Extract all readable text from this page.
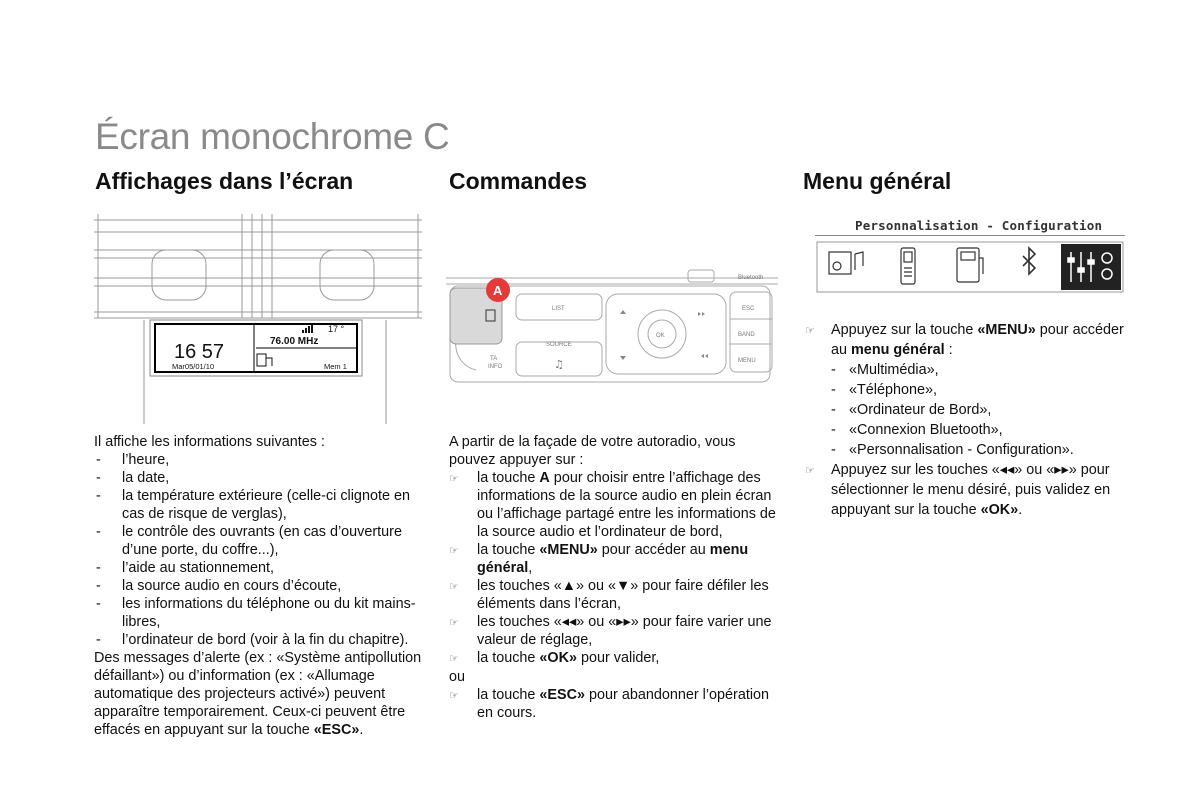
Écran monochrome C
Affichages dans l’écran	Commandes	Menu général
16 57
Mar05/01/10
76.00 MHz
17 °
Mem 1
A
LIST	ESC
BAND
MENU
OK
SOURCE
TA
INFO
Bluetooth
♫
Personnalisation - Configuration

Il affiche les informations suivantes :

-	l’heure,
-	la date,
-	la température extérieure (celle-ci clignote en cas de risque de verglas),
-	le contrôle des ouvrants (en cas d’ouverture d’une porte, du coffre...),
-	l’aide au stationnement,
-	la source audio en cours d’écoute,
-	les informations du téléphone ou du kit mains-libres,
-	l’ordinateur de bord (voir à la fin du chapitre).

Des messages d’alerte (ex : «Système antipollution défaillant») ou d’information (ex : «Allumage automatique des projecteurs activé») peuvent apparaître temporairement. Ceux-ci peuvent être effacés en appuyant sur la touche «ESC».

A partir de la façade de votre autoradio, vous pouvez appuyer sur :

☞	la touche A pour choisir entre l’affichage des informations de la source audio en plein écran ou l’affichage partagé entre les informations de la source audio et l’ordinateur de bord,
☞	la touche «MENU» pour accéder au menu général,
☞	les touches «▲» ou «▼» pour faire défiler les éléments dans l’écran,
☞	les touches «◂◂» ou «▸▸» pour faire varier une valeur de réglage,
☞	la touche «OK» pour valider,

ou

☞	la touche «ESC» pour abandonner l’opération en cours.
☞	Appuyez sur la touche «MENU» pour accéder au menu général :
- «Multimédia»,
- «Téléphone»,
- «Ordinateur de Bord»,
- «Connexion Bluetooth»,
- «Personnalisation - Configuration».
☞	Appuyez sur les touches «◂◂» ou «▸▸» pour sélectionner le menu désiré, puis validez en appuyant sur la touche «OK».
